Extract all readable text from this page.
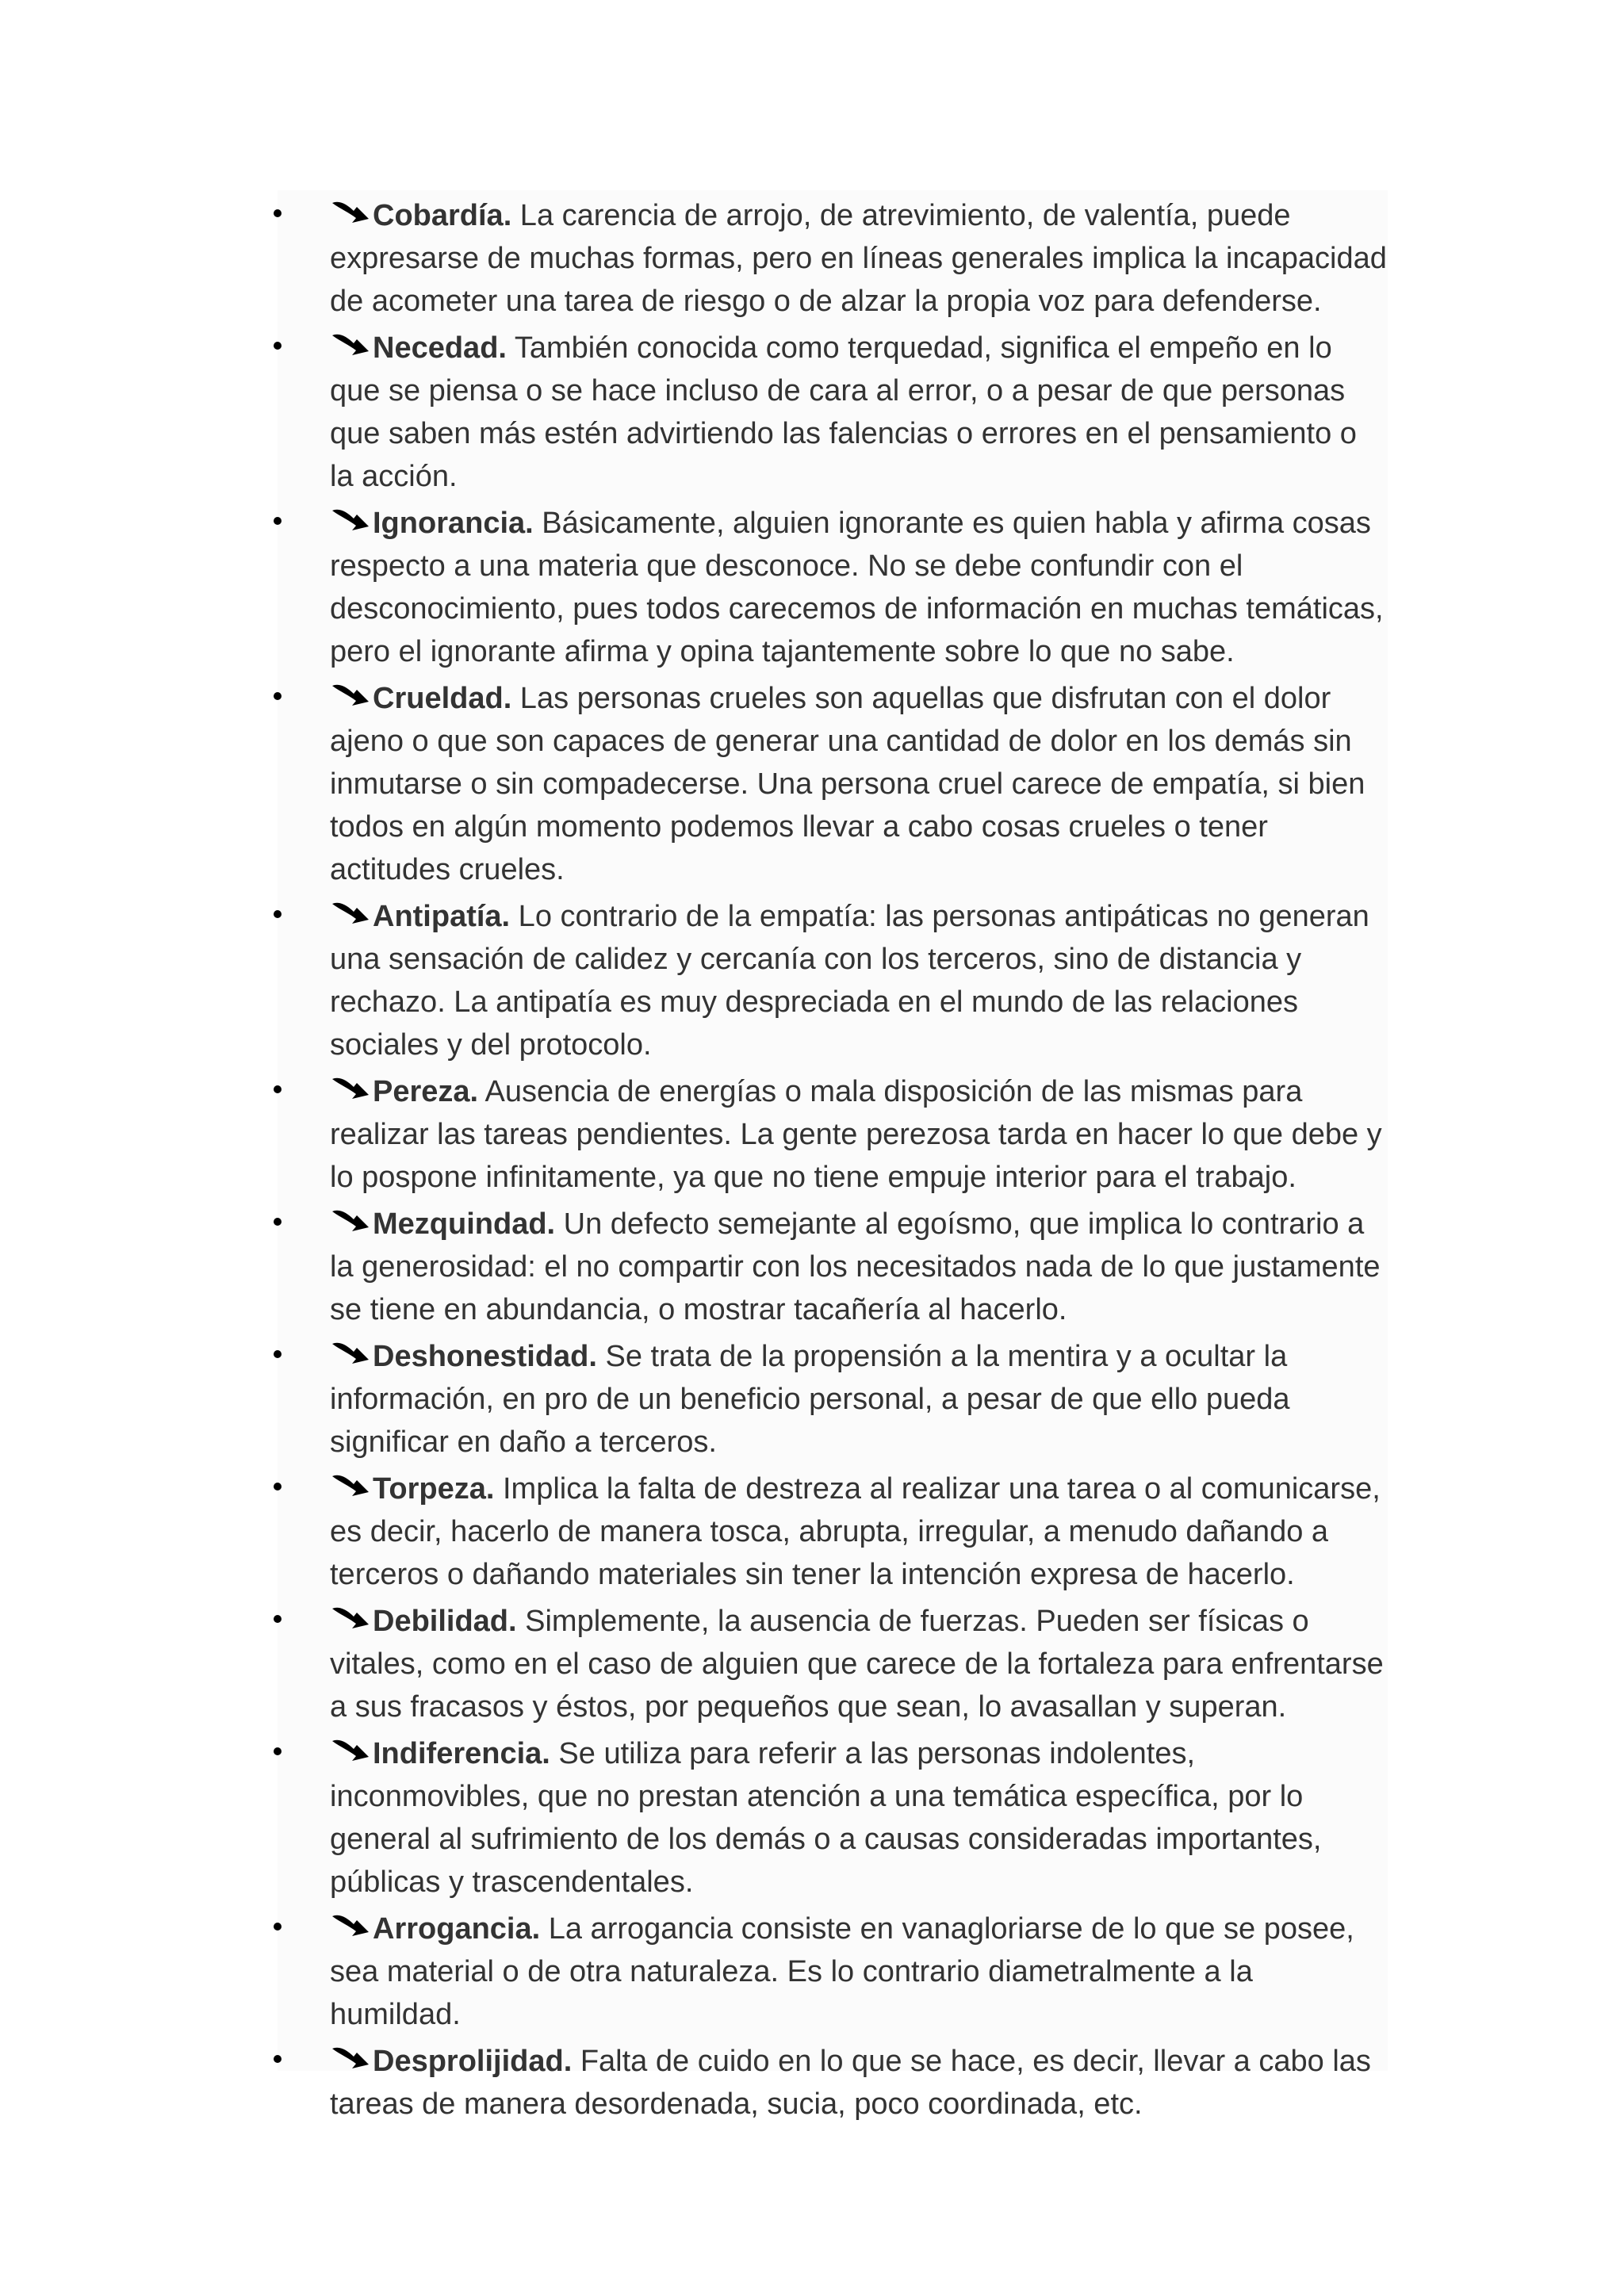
Cobardía. La carencia de arrojo, de atrevimiento, de valentía, puede expresarse de muchas formas, pero en líneas generales implica la incapacidad de acometer una tarea de riesgo o de alzar la propia voz para defenderse.
Necedad. También conocida como terquedad, significa el empeño en lo que se piensa o se hace incluso de cara al error, o a pesar de que personas que saben más estén advirtiendo las falencias o errores en el pensamiento o la acción.
Ignorancia. Básicamente, alguien ignorante es quien habla y afirma cosas respecto a una materia que desconoce. No se debe confundir con el desconocimiento, pues todos carecemos de información en muchas temáticas, pero el ignorante afirma y opina tajantemente sobre lo que no sabe.
Crueldad. Las personas crueles son aquellas que disfrutan con el dolor ajeno o que son capaces de generar una cantidad de dolor en los demás sin inmutarse o sin compadecerse. Una persona cruel carece de empatía, si bien todos en algún momento podemos llevar a cabo cosas crueles o tener actitudes crueles.
Antipatía. Lo contrario de la empatía: las personas antipáticas no generan una sensación de calidez y cercanía con los terceros, sino de distancia y rechazo. La antipatía es muy despreciada en el mundo de las relaciones sociales y del protocolo.
Pereza. Ausencia de energías o mala disposición de las mismas para realizar las tareas pendientes. La gente perezosa tarda en hacer lo que debe y lo pospone infinitamente, ya que no tiene empuje interior para el trabajo.
Mezquindad. Un defecto semejante al egoísmo, que implica lo contrario a la generosidad: el no compartir con los necesitados nada de lo que justamente se tiene en abundancia, o mostrar tacañería al hacerlo.
Deshonestidad. Se trata de la propensión a la mentira y a ocultar la información, en pro de un beneficio personal, a pesar de que ello pueda significar en daño a terceros.
Torpeza. Implica la falta de destreza al realizar una tarea o al comunicarse, es decir, hacerlo de manera tosca, abrupta, irregular, a menudo dañando a terceros o dañando materiales sin tener la intención expresa de hacerlo.
Debilidad. Simplemente, la ausencia de fuerzas. Pueden ser físicas o vitales, como en el caso de alguien que carece de la fortaleza para enfrentarse a sus fracasos y éstos, por pequeños que sean, lo avasallan y superan.
Indiferencia. Se utiliza para referir a las personas indolentes, inconmovibles, que no prestan atención a una temática específica, por lo general al sufrimiento de los demás o a causas consideradas importantes, públicas y trascendentales.
Arrogancia. La arrogancia consiste en vanagloriarse de lo que se posee, sea material o de otra naturaleza. Es lo contrario diametralmente a la humildad.
Desprolijidad. Falta de cuido en lo que se hace, es decir, llevar a cabo las tareas de manera desordenada, sucia, poco coordinada, etc.
